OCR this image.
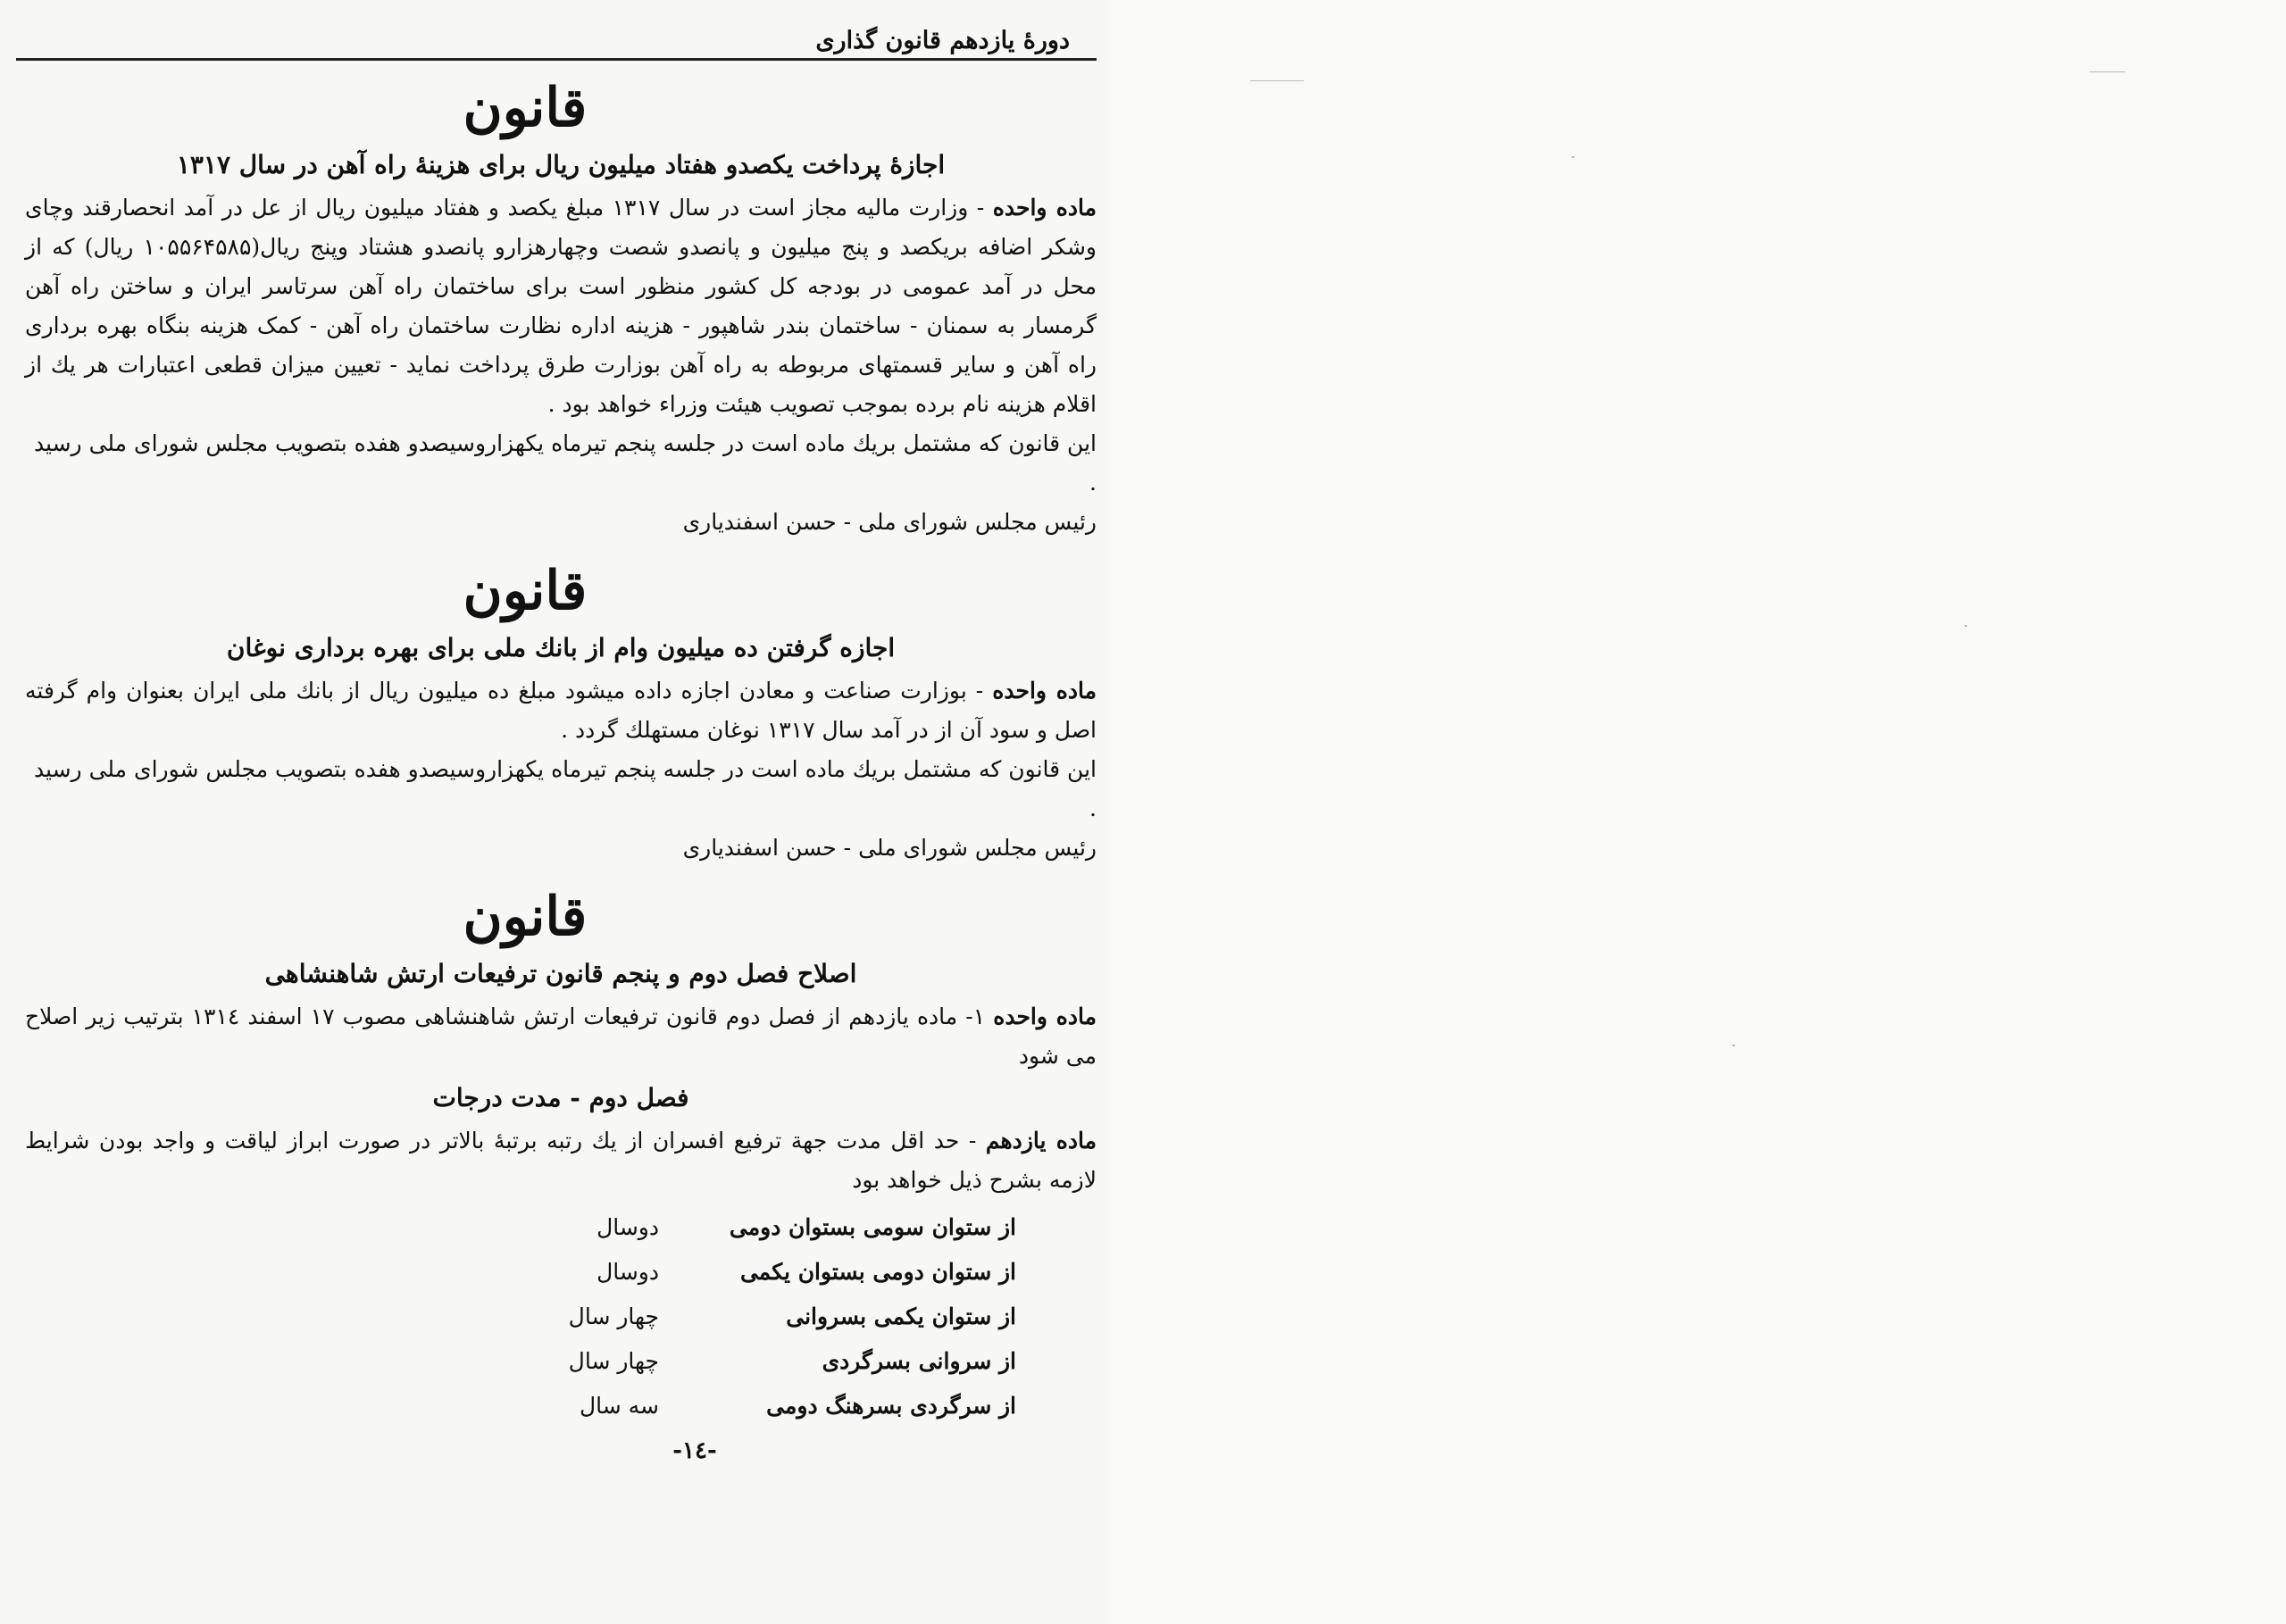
دورهٔ یازدهم قانون گذاری
قانون
اجازهٔ پرداخت یکصدو هفتاد میلیون ریال برای هزینهٔ راه آهن در سال ۱۳۱۷
ماده واحده - وزارت مالیه مجاز است در سال ۱۳۱۷ مبلغ یکصد و هفتاد میلیون ریال از عل در آمد انحصارقند وچای وشکر اضافه بریکصد و پنج میلیون و پانصدو شصت وچهارهزارو پانصدو هشتاد وپنج ریال(۱۰۵۵۶۴۵۸۵ ریال) که از محل در آمد عمومی در بودجه کل کشور منظور است برای ساختمان راه آهن سرتاسر ایران و ساختن راه آهن گرمسار به سمنان - ساختمان بندر شاهپور - هزینه اداره نظارت ساختمان راه آهن - کمک هزینه بنگاه بهره برداری راه آهن و سایر قسمتهای مربوطه به راه آهن بوزارت طرق پرداخت نماید - تعیین میزان قطعی اعتبارات هر یك از اقلام هزینه نام برده بموجب تصویب هیئت وزراء خواهد بود .
این قانون که مشتمل بریك ماده است در جلسه پنجم تیرماه یکهزاروسیصدو هفده بتصویب مجلس شورای ملی رسید .
رئیس مجلس شورای ملی - حسن اسفندیاری
قانون
اجازه گرفتن ده میلیون وام از بانك ملی برای بهره برداری نوغان
ماده واحده - بوزارت صناعت و معادن اجازه داده میشود مبلغ ده میلیون ریال از بانك ملی ایران بعنوان وام گرفته اصل و سود آن از در آمد سال ۱۳۱۷ نوغان مستهلك گردد .
این قانون که مشتمل بریك ماده است در جلسه پنجم تیرماه یکهزاروسیصدو هفده بتصویب مجلس شورای ملی رسید .
رئیس مجلس شورای ملی - حسن اسفندیاری
قانون
اصلاح فصل دوم و پنجم قانون ترفیعات ارتش شاهنشاهی
ماده واحده ۱- ماده یازدهم از فصل دوم قانون ترفیعات ارتش شاهنشاهی مصوب ۱۷ اسفند ۱۳۱٤ بترتیب زیر اصلاح می شود
فصل دوم - مدت درجات
ماده یازدهم - حد اقل مدت جهة ترفیع افسران از یك رتبه برتبهٔ بالاتر در صورت ابراز لیاقت و واجد بودن شرایط لازمه بشرح ذیل خواهد بود
از ستوان سومی بستوان دومی
دوسال
از ستوان دومی بستوان یکمی
دوسال
از ستوان یکمی بسروانی
چهار سال
از سروانی بسرگردی
چهار سال
از سرگردی بسرهنگ دومی
سه سال
-۱٤-
